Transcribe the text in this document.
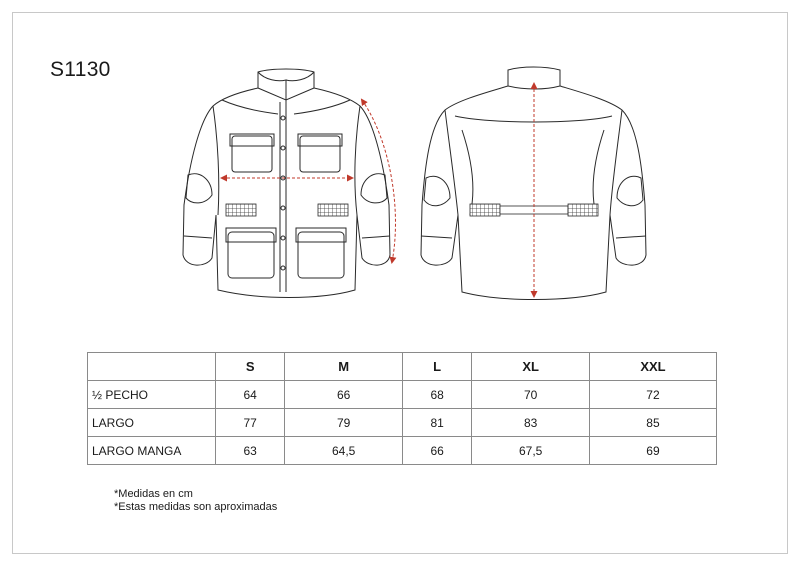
S1130
	S	M	L	XL	XXL
½ PECHO	64	66	68	70	72
LARGO	77	79	81	83	85
LARGO MANGA	63	64,5	66	67,5	69
*Medidas en cm
*Estas medidas son aproximadas
